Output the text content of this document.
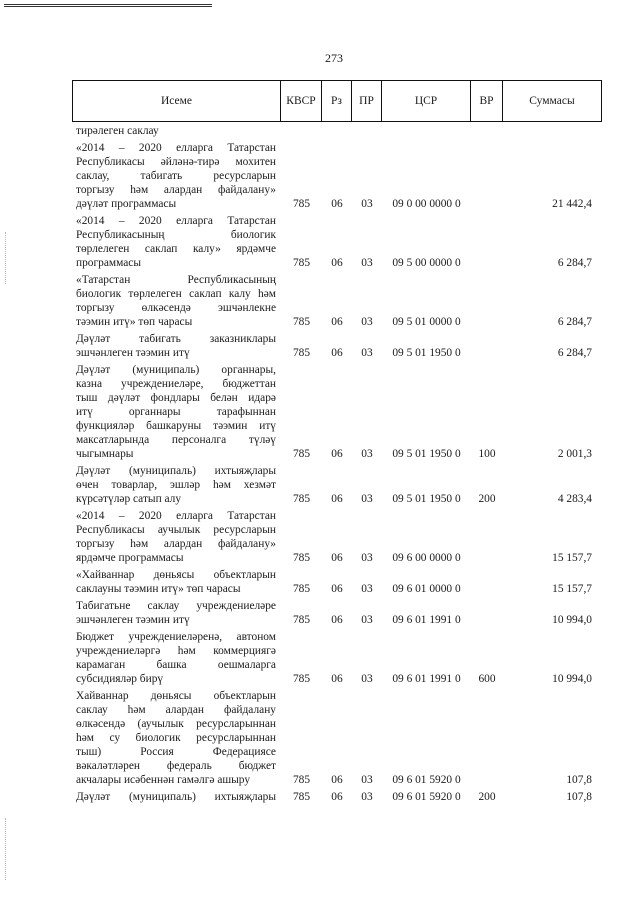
273
Исеме	КВСР	Рз	ПР	ЦСР	ВР	Суммасы
тирәлеген саклау
«2014 – 2020 елларга Татарстан
Республикасы әйләнә-тирә мохитен
саклау, табигать ресурсларын
торгызу һәм алардан файдалану»
дәүләт программасы	785	06	03	09 0 00 0000 0	21 442,4
«2014 – 2020 елларга Татарстан
Республикасының биологик
төрлелеген саклап калу» ярдәмче
программасы	785	06	03	09 5 00 0000 0	6 284,7
«Татарстан Республикасының
биологик төрлелеген саклап калу һәм
торгызу өлкәсендә эшчәнлекне
тәэмин итү» төп чарасы	785	06	03	09 5 01 0000 0	6 284,7
Дәүләт табигать заказниклары
эшчәнлеген тәэмин итү	785	06	03	09 5 01 1950 0	6 284,7
Дәүләт (муниципаль) органнары,
казна учреждениеләре, бюджеттан
тыш дәүләт фондлары белән идарә
итү органнары тарафыннан
функцияләр башкаруны тәэмин итү
максатларында персоналга түләү
чыгымнары	785	06	03	09 5 01 1950 0	100	2 001,3
Дәүләт (муниципаль) ихтыяҗлары
өчен товарлар, эшләр һәм хезмәт
күрсәтүләр сатып алу	785	06	03	09 5 01 1950 0	200	4 283,4
«2014 – 2020 елларга Татарстан
Республикасы аучылык ресурсларын
торгызу һәм алардан файдалану»
ярдәмче программасы	785	06	03	09 6 00 0000 0	15 157,7
«Хайваннар дөньясы объектларын
саклауны тәэмин итү» төп чарасы	785	06	03	09 6 01 0000 0	15 157,7
Табигатьне саклау учреждениеләре
эшчәнлеген тәэмин итү	785	06	03	09 6 01 1991 0	10 994,0
Бюджет учреждениеләренә, автоном
учреждениеләргә һәм коммерциягә
карамаган башка оешмаларга
субсидияләр бирү	785	06	03	09 6 01 1991 0	600	10 994,0
Хайваннар дөньясы объектларын
саклау һәм алардан файдалану
өлкәсендә (аучылык ресурсларыннан
һәм су биологик ресурсларыннан
тыш) Россия Федерациясе
вәкаләтләрен федераль бюджет
акчалары исәбеннән гамәлгә ашыру	785	06	03	09 6 01 5920 0	107,8
Дәүләт (муниципаль) ихтыяҗлары	785	06	03	09 6 01 5920 0	200	107,8
